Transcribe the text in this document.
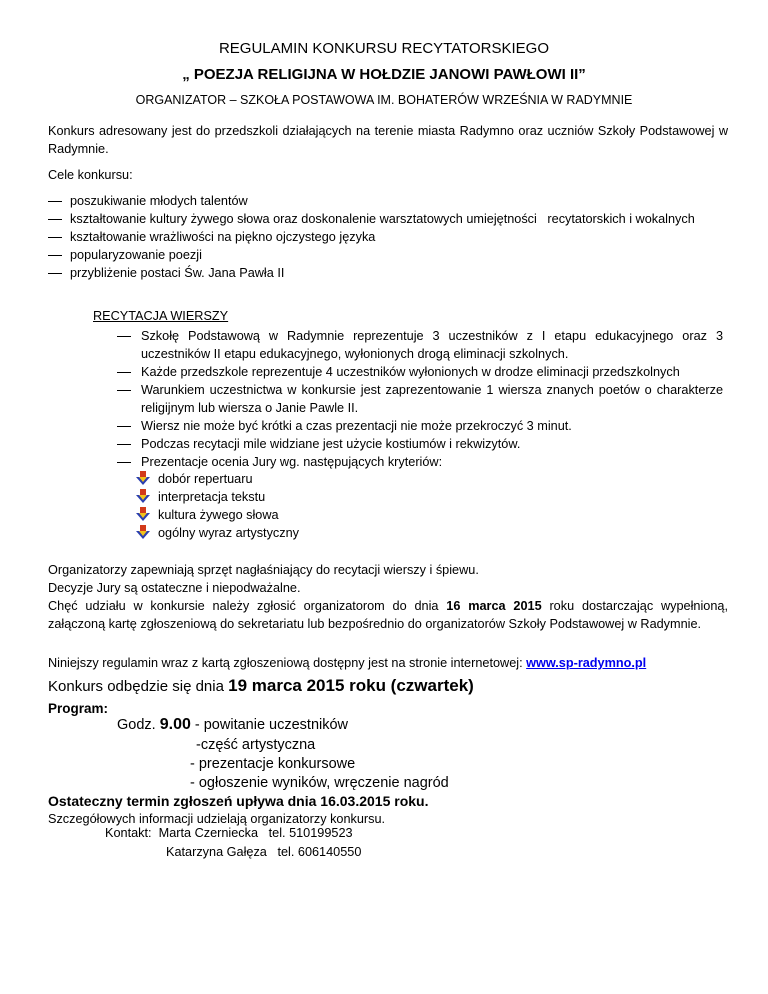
REGULAMIN KONKURSU RECYTATORSKIEGO
„ POEZJA RELIGIJNA W HOŁDZIE JANOWI PAWŁOWI II”
ORGANIZATOR – SZKOŁA POSTAWOWA IM. BOHATERÓW WRZEŚNIA W RADYMNIE
Konkurs adresowany jest do przedszkoli działających na terenie miasta Radymno oraz uczniów Szkoły Podstawowej w Radymnie.
Cele konkursu:
poszukiwanie młodych talentów
kształtowanie kultury żywego słowa oraz doskonalenie warsztatowych umiejętności   recytatorskich i wokalnych
kształtowanie wrażliwości na piękno ojczystego języka
popularyzowanie poezji
przybliżenie postaci Św. Jana Pawła II
RECYTACJA WIERSZY
Szkołę Podstawową w Radymnie reprezentuje 3 uczestników z I etapu edukacyjnego oraz 3 uczestników II etapu edukacyjnego, wyłonionych drogą eliminacji szkolnych.
Każde przedszkole reprezentuje 4 uczestników wyłonionych w drodze eliminacji przedszkolnych
Warunkiem uczestnictwa w konkursie jest zaprezentowanie 1 wiersza znanych poetów o charakterze religijnym lub wiersza o Janie Pawle II.
Wiersz nie może być krótki a czas prezentacji nie może przekroczyć 3 minut.
Podczas recytacji mile widziane jest użycie kostiumów i rekwizytów.
Prezentacje ocenia Jury wg. następujących kryteriów:
dobór repertuaru
interpretacja tekstu
kultura żywego słowa
ogólny wyraz artystyczny
Organizatorzy zapewniają sprzęt nagłaśniający do recytacji wierszy i śpiewu.
Decyzje Jury są ostateczne i niepodważalne.
Chęć udziału w konkursie należy zgłosić organizatorom do dnia 16 marca 2015 roku dostarczając wypełnioną, załączoną kartę zgłoszeniową do sekretariatu lub bezpośrednio do organizatorów Szkoły Podstawowej w Radymnie.
Niniejszy regulamin wraz z kartą zgłoszeniową dostępny jest na stronie internetowej: www.sp-radymno.pl
Konkurs odbędzie się dnia 19 marca 2015 roku (czwartek)
Program:
Godz. 9.00 - powitanie uczestników
-część artystyczna
- prezentacje konkursowe
- ogłoszenie wyników, wręczenie nagród
Ostateczny termin zgłoszeń upływa dnia 16.03.2015 roku.
Szczegółowych informacji udzielają organizatorzy konkursu.
Kontakt: Marta Czerniecka tel. 510199523
Katarzyna Gałęza tel. 606140550
